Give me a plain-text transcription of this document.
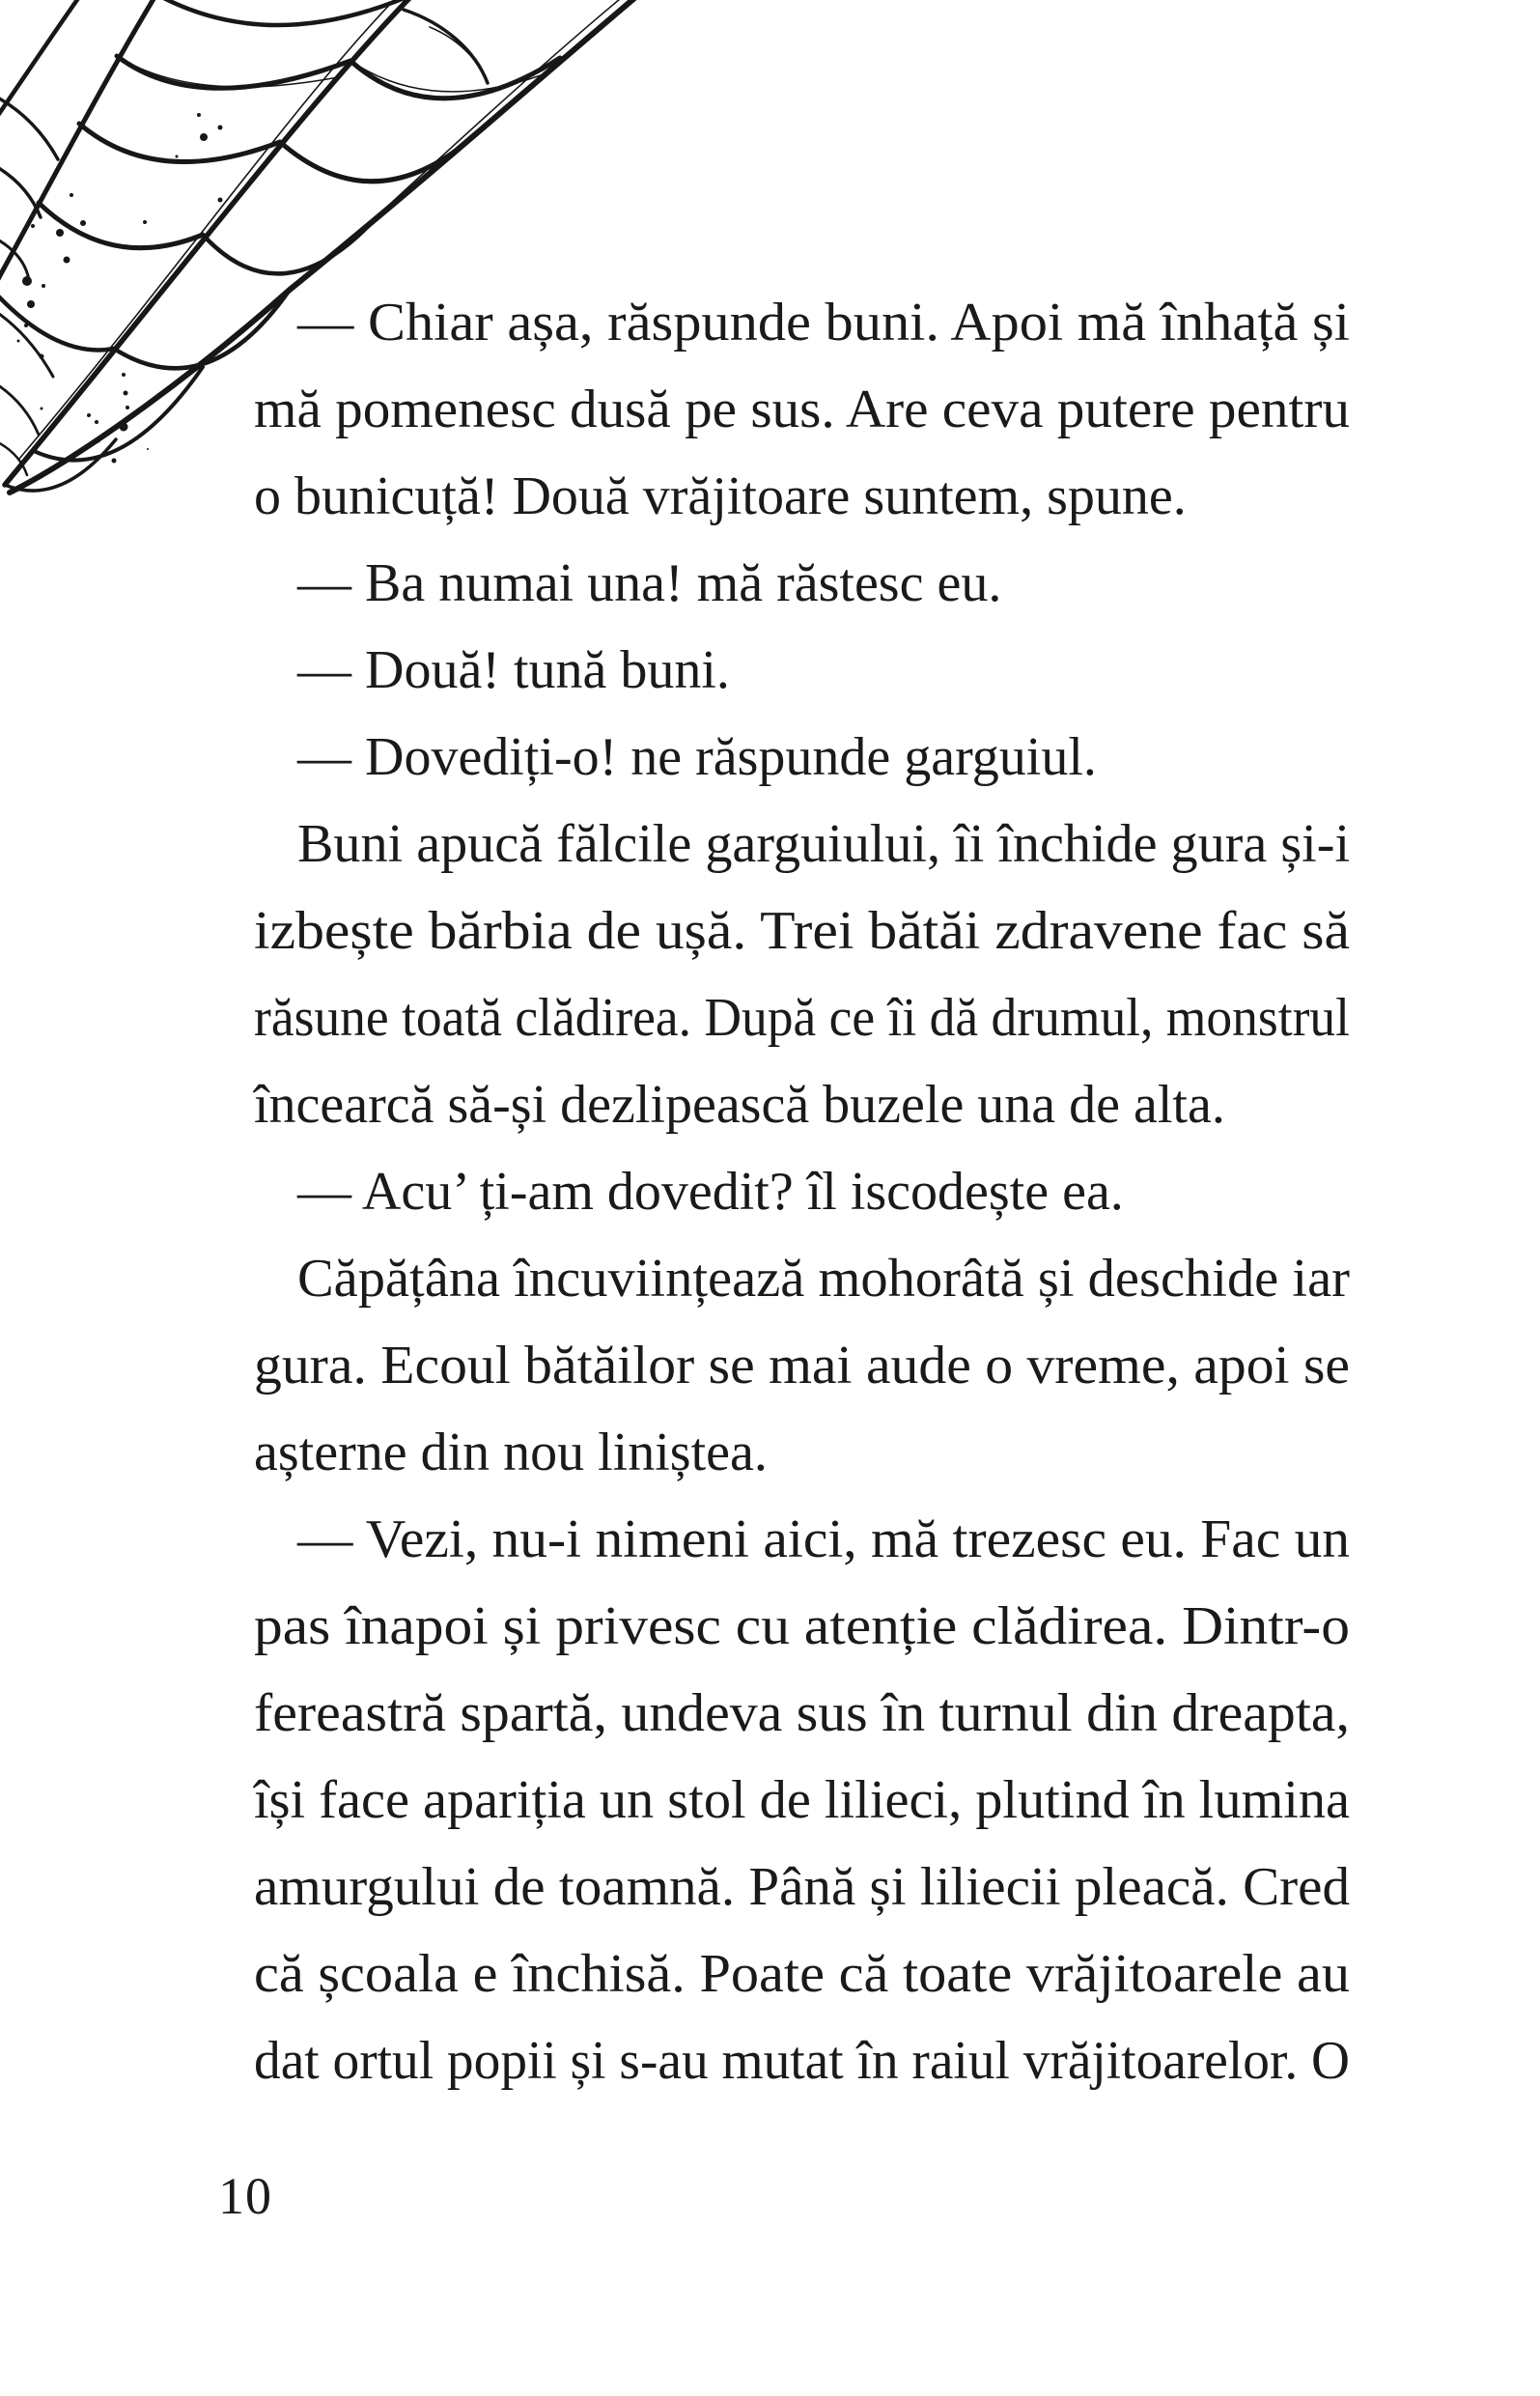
— Chiar așa, răspunde buni. Apoi mă înhață și
mă pomenesc dusă pe sus. Are ceva putere pentru
o bunicuță! Două vrăjitoare suntem, spune.
— Ba numai una! mă răstesc eu.
— Două! tună buni.
— Dovediți-o! ne răspunde garguiul.
Buni apucă fălcile garguiului, îi închide gura și-i
izbește bărbia de ușă. Trei bătăi zdravene fac să
răsune toată clădirea. După ce îi dă drumul, monstrul
încearcă să-și dezlipească buzele una de alta.
— Acu’ ți-am dovedit? îl iscodește ea.
Căpățâna încuviințează mohorâtă și deschide iar
gura. Ecoul bătăilor se mai aude o vreme, apoi se
așterne din nou liniștea.
— Vezi, nu-i nimeni aici, mă trezesc eu. Fac un
pas înapoi și privesc cu atenție clădirea. Dintr-o
fereastră spartă, undeva sus în turnul din dreapta,
își face apariția un stol de lilieci, plutind în lumina
amurgului de toamnă. Până și liliecii pleacă. Cred
că școala e închisă. Poate că toate vrăjitoarele au
dat ortul popii și s-au mutat în raiul vrăjitoarelor. O
10
